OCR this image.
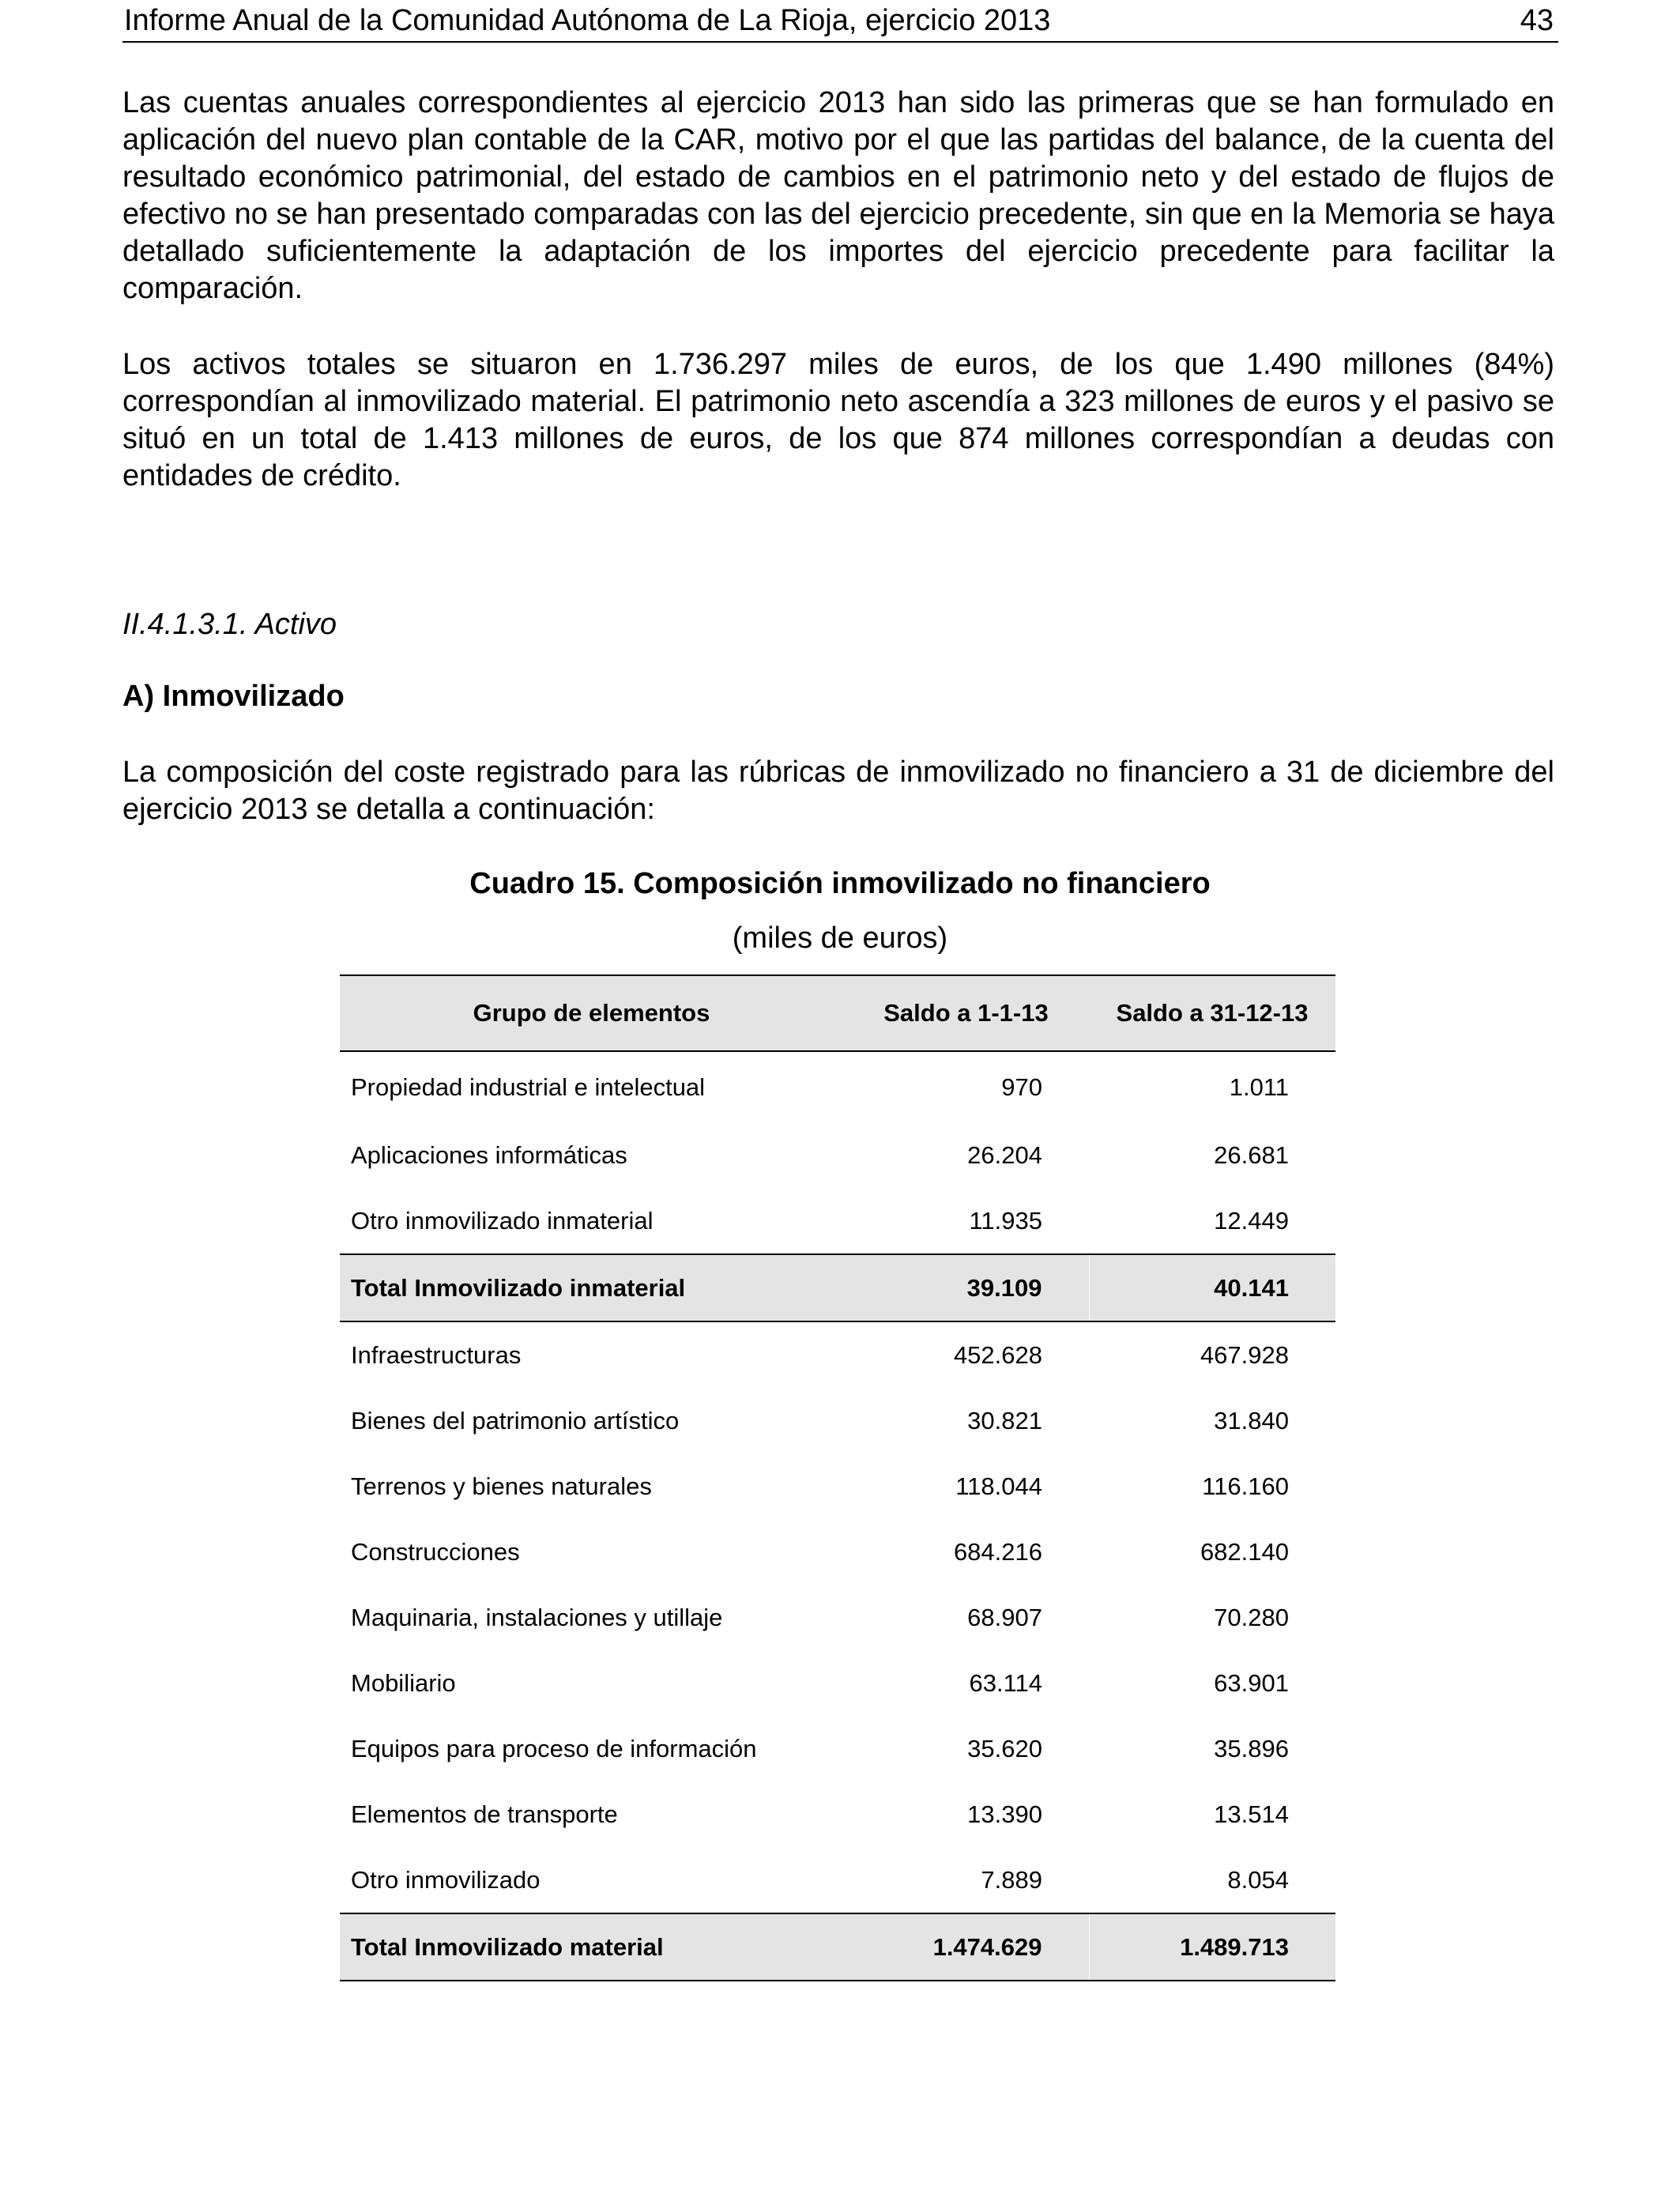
Informe Anual de la Comunidad Autónoma de La Rioja, ejercicio 2013	43

Las cuentas anuales correspondientes al ejercicio 2013 han sido las primeras que se han formulado en aplicación del nuevo plan contable de la CAR, motivo por el que las partidas del balance, de la cuenta del resultado económico patrimonial, del estado de cambios en el patrimonio neto y del estado de flujos de efectivo no se han presentado comparadas con las del ejercicio precedente, sin que en la Memoria se haya detallado suficientemente la adaptación de los importes del ejercicio precedente para facilitar la comparación.

Los activos totales se situaron en 1.736.297 miles de euros, de los que 1.490 millones (84%) correspondían al inmovilizado material. El patrimonio neto ascendía a 323 millones de euros y el pasivo se situó en un total de 1.413 millones de euros, de los que 874 millones correspondían a deudas con entidades de crédito.

II.4.1.3.1. Activo
A) Inmovilizado

La composición del coste registrado para las rúbricas de inmovilizado no financiero a 31 de diciembre del ejercicio 2013 se detalla a continuación:

Cuadro 15. Composición inmovilizado no financiero
(miles de euros)
Grupo de elementos	Saldo a 1-1-13	Saldo a 31-12-13
Propiedad industrial e intelectual	970	1.011
Aplicaciones informáticas	26.204	26.681
Otro inmovilizado inmaterial	11.935	12.449
Total Inmovilizado inmaterial	39.109	40.141
Infraestructuras	452.628	467.928
Bienes del patrimonio artístico	30.821	31.840
Terrenos y bienes naturales	118.044	116.160
Construcciones	684.216	682.140
Maquinaria, instalaciones y utillaje	68.907	70.280
Mobiliario	63.114	63.901
Equipos para proceso de información	35.620	35.896
Elementos de transporte	13.390	13.514
Otro inmovilizado	7.889	8.054
Total Inmovilizado material	1.474.629	1.489.713
